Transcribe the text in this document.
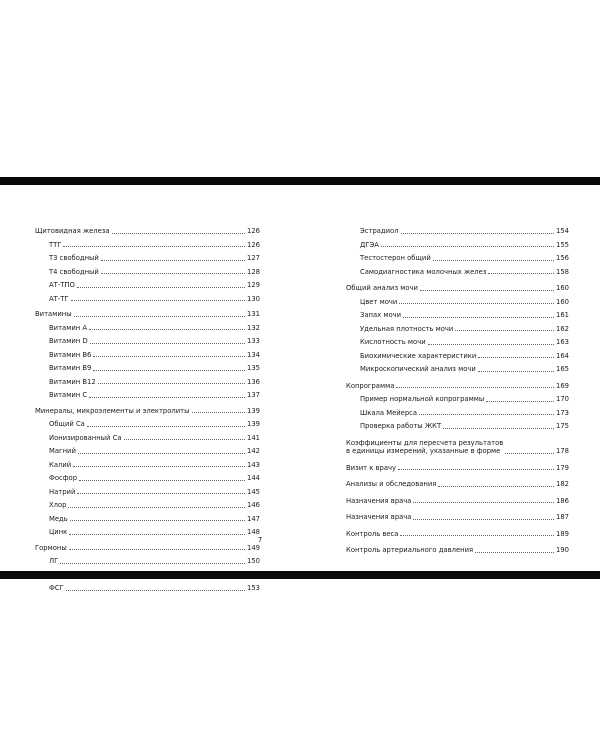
Щитовидная железа	126
ТТГ	126
Т3 свободный	127
Т4 свободный	128
АТ-ТПО	129
АТ-ТГ	130
Витамины	131
Витамин А	132
Витамин D	133
Витамин В6	134
Витамин В9	135
Витамин В12	136
Витамин С	137
Минералы, микроэлементы и электролиты	139
Общий Са	139
Ионизированный Са	141
Магний	142
Калий	143
Фосфор	144
Натрий	145
Хлор	146
Медь	147
Цинк	148
Гормоны	149
ЛГ	150
ФСГ	153
Эстрадиол	154
ДГЭА	155
Тестостерон общий	156
Самодиагностика молочных желез	158
Общий анализ мочи	160
Цвет мочи	160
Запах мочи	161
Удельная плотность мочи	162
Кислотность мочи	163
Биохимические характеристики	164
Микроскопический анализ мочи	165
Копрограмма	169
Пример нормальной копрограммы	170
Шкала Мейерса	173
Проверка работы ЖКТ	175
Коэффициенты для пересчета результатов
в единицы измерений, указанные в форме	178
Визит к врачу	179
Анализы и обследования	182
Назначения врача	186
Назначения врача	187
Контроль веса	189
Контроль артериального давления	190
7
